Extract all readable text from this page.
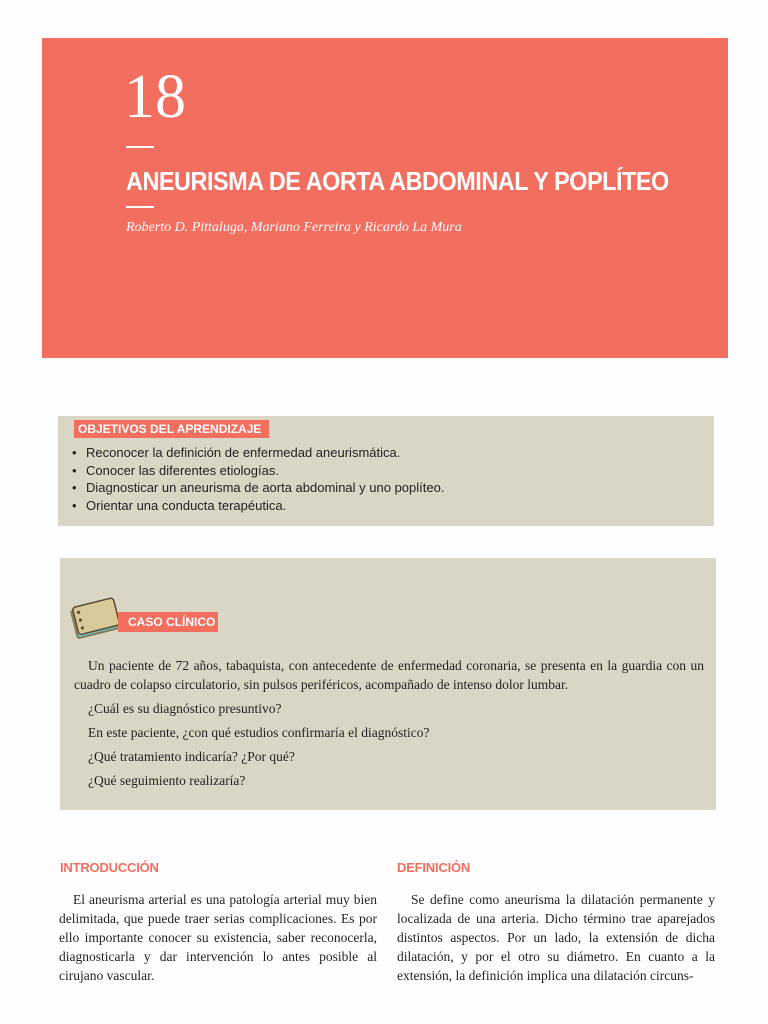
18
ANEURISMA DE AORTA ABDOMINAL Y POPLÍTEO
Roberto D. Pittaluga, Mariano Ferreira y Ricardo La Mura
OBJETIVOS DEL APRENDIZAJE
• Reconocer la definición de enfermedad aneurismática.
• Conocer las diferentes etiologías.
• Diagnosticar un aneurisma de aorta abdominal y uno poplíteo.
• Orientar una conducta terapéutica.
CASO CLÍNICO

Un paciente de 72 años, tabaquista, con antecedente de enfermedad coronaria, se presenta en la guardia con un cuadro de colapso circulatorio, sin pulsos periféricos, acompañado de intenso dolor lumbar.

¿Cuál es su diagnóstico presuntivo?

En este paciente, ¿con qué estudios confirmaría el diagnóstico?

¿Qué tratamiento indicaría? ¿Por qué?

¿Qué seguimiento realizaría?

INTRODUCCIÓN

El aneurisma arterial es una patología arterial muy bien delimitada, que puede traer serias complicaciones. Es por ello importante conocer su existencia, saber reconocerla, diagnosticarla y dar intervención lo antes posible al cirujano vascular.

DEFINICIÓN

Se define como aneurisma la dilatación permanente y localizada de una arteria. Dicho término trae aparejados distintos aspectos. Por un lado, la extensión de dicha dilatación, y por el otro su diámetro. En cuanto a la extensión, la definición implica una dilatación circuns-
